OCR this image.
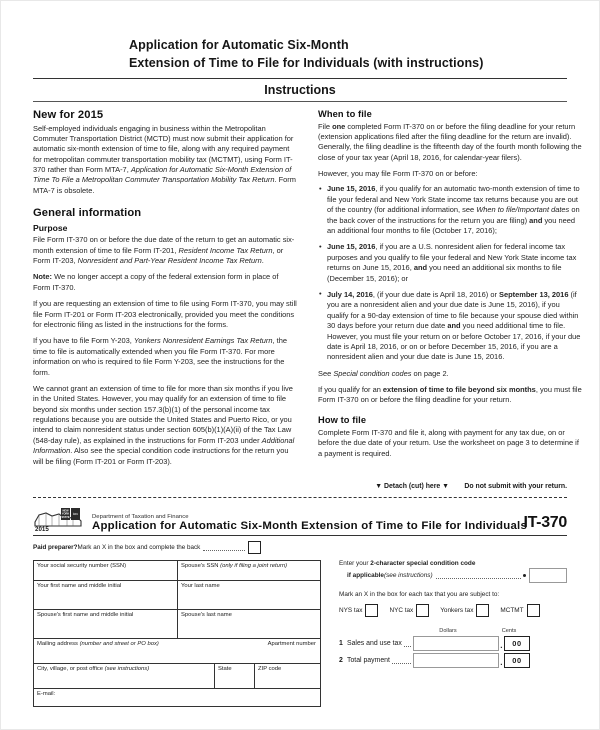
Application for Automatic Six-Month
Extension of Time to File for Individuals (with instructions)
Instructions
New for 2015

Self-employed individuals engaging in business within the Metropolitan Commuter Transportation District (MCTD) must now submit their application for automatic six-month extension of time to file, along with any required payment for metropolitan commuter transportation mobility tax (MCTMT), using Form IT-370 rather than Form MTA-7, Application for Automatic Six-Month Extension of Time To File a Metropolitan Commuter Transportation Mobility Tax Return. Form MTA-7 is obsolete.

General information
Purpose

File Form IT-370 on or before the due date of the return to get an automatic six-month extension of time to file Form IT-201, Resident Income Tax Return, or Form IT-203, Nonresident and Part-Year Resident Income Tax Return.

Note: We no longer accept a copy of the federal extension form in place of Form IT-370.

If you are requesting an extension of time to file using Form IT-370, you may still file Form IT-201 or Form IT-203 electronically, provided you meet the conditions for electronic filing as listed in the instructions for the forms.

If you have to file Form Y-203, Yonkers Nonresident Earnings Tax Return, the time to file is automatically extended when you file Form IT-370. For more information on who is required to file Form Y-203, see the instructions for the form.

We cannot grant an extension of time to file for more than six months if you live in the United States. However, you may qualify for an extension of time to file beyond six months under section 157.3(b)(1) of the personal income tax regulations because you are outside the United States and Puerto Rico, or you intend to claim nonresident status under section 605(b)(1)(A)(ii) of the Tax Law (548-day rule), as explained in the instructions for Form IT-203 under Additional Information. Also see the special condition code instructions for the return you will be filing (Form IT-201 or Form IT-203).

When to file

File one completed Form IT-370 on or before the filing deadline for your return (extension applications filed after the filing deadline for the return are invalid). Generally, the filing deadline is the fifteenth day of the fourth month following the close of your tax year (April 18, 2016, for calendar-year filers).

However, you may file Form IT-370 on or before:

• June 15, 2016, if you qualify for an automatic two-month extension of time to file your federal and New York State income tax returns because you are out of the country (for additional information, see When to file/Important dates on the back cover of the instructions for the return you are filing) and you need an additional four months to file (October 17, 2016);
• June 15, 2016, if you are a U.S. nonresident alien for federal income tax purposes and you qualify to file your federal and New York State income tax returns on June 15, 2016, and you need an additional six months to file (December 15, 2016); or
• July 14, 2016, (if your due date is April 18, 2016) or September 13, 2016 (if you are a nonresident alien and your due date is June 15, 2016), if you qualify for a 90-day extension of time to file because your spouse died within 30 days before your return due date and you need additional time to file. However, you must file your return on or before October 17, 2016, if your due date is April 18, 2016, or on or before December 15, 2016, if you are a nonresident alien and your due date is June 15, 2016.

See Special condition codes on page 2.

If you qualify for an extension of time to file beyond six months, you must file Form IT-370 on or before the filing deadline for your return.

How to file

Complete Form IT-370 and file it, along with payment for any tax due, on or before the due date of your return. Use the worksheet on page 3 to determine if a payment is required.

▼ Detach (cut) here ▼ Do not submit with your return.
NEW
YORK
STATE
tax
2015
Department of Taxation and Finance
Application for Automatic Six-Month Extension of Time to File for Individuals
IT-370
Paid preparer? Mark an X in the box and complete the back
Your social security number (SSN)	Spouse's SSN (only if filing a joint return)
Your first name and middle initial	Your last name
Spouse's first name and middle initial	Spouse's last name
Mailing address (number and street or PO box)	Apartment number
City, village, or post office (see instructions)	State	ZIP code
E-mail:
Enter your 2-character special condition code
if applicable (see instructions)
Mark an X in the box for each tax that you are subject to:
NYS tax	NYC tax	Yonkers tax	MCTMT
Dollars	Cents
1 Sales and use tax	.	00
2 Total payment	.	00
